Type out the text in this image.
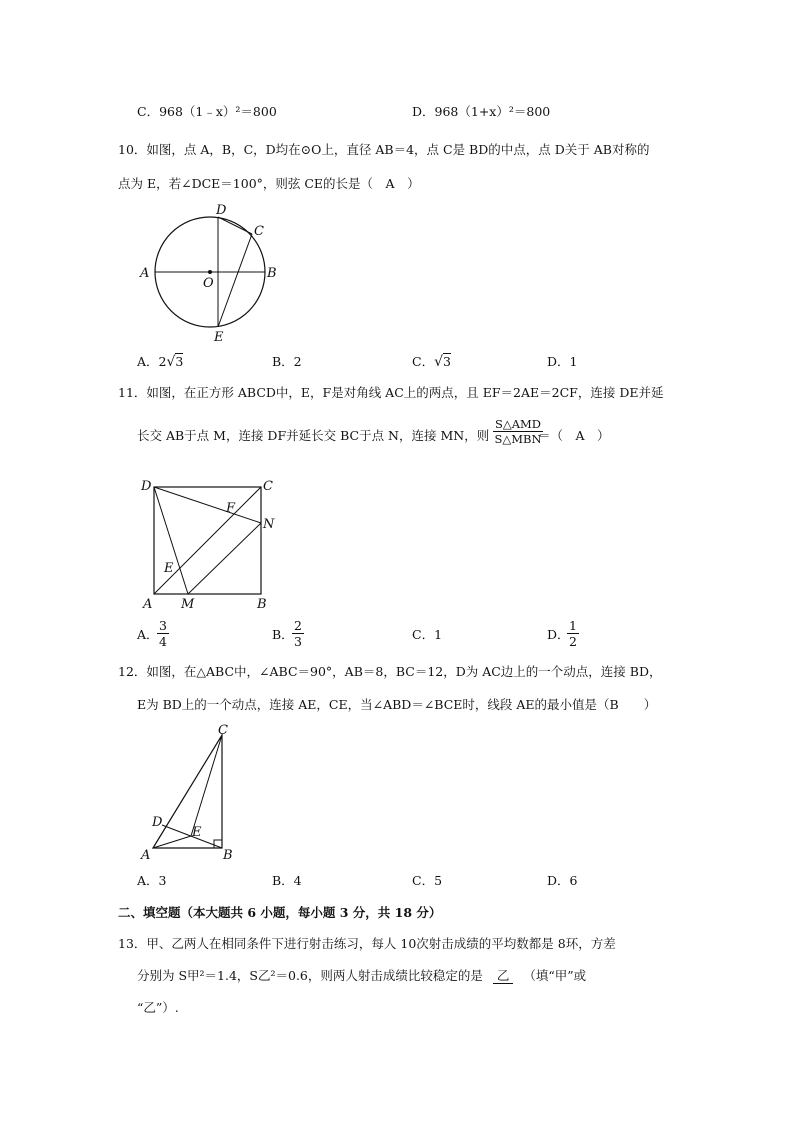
C．968（1﹣x）²＝800	D．968（1+x）²＝800
10．如图，点 A，B，C，D均在⊙O上，直径 AB＝4，点 C是 BD的中点，点 D关于 AB对称的
点为 E，若∠DCE＝100°，则弦 CE的长是（　A　）
A	B
C
D
E
O
A．2√3	B．2	C．√3	D．1
11．如图，在正方形 ABCD中，E，F是对角线 AC上的两点，且 EF＝2AE＝2CF，连接 DE并延
长交 AB于点 M，连接 DF并延长交 BC于点 N，连接 MN，则
S△AMD
S△MBN
＝（　A　）
D	C
A	B
F
E
M
N
A．
$\frac{3}{4}$	B．
$\frac{2}{3}$	C．1	D．
$\frac{1}{2}$
12．如图，在△ABC中，∠ABC＝90°，AB＝8，BC＝12，D为 AC边上的一个动点，连接 BD，
E为 BD上的一个动点，连接 AE，CE，当∠ABD＝∠BCE时，线段 AE的最小值是（B　　）
C
D
E
A	B
A．3	B．4	C．5	D．6
二、填空题（本大题共 6 小题，每小题 3 分，共 18 分）
13．甲、乙两人在相同条件下进行射击练习，每人 10次射击成绩的平均数都是 8环，方差
分别为 S甲²＝1.4，S乙²＝0.6，则两人射击成绩比较稳定的是 乙 （填“甲”或
“乙”）.
